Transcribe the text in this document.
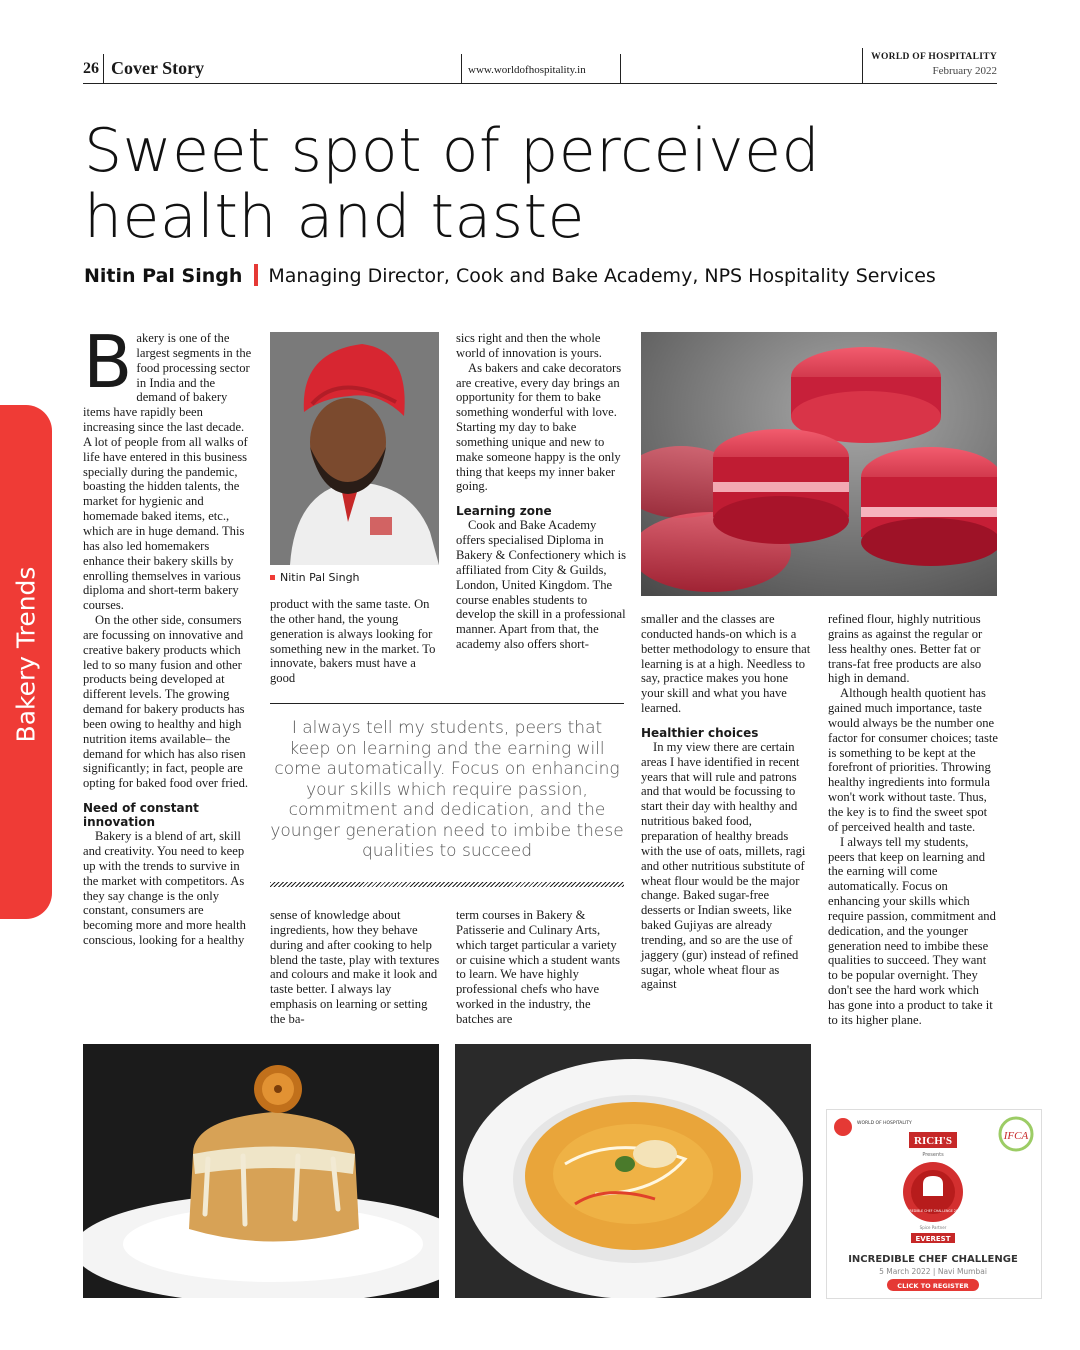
26 Cover Story	www.worldofhospitality.in
WORLD OF HOSPITALITY
February 2022
Sweet spot of perceived
health and taste
Nitin Pal Singh Managing Director, Cook and Bake Academy, NPS Hospitality Services
Bakery Trends

Bakery is one of the largest segments in the food processing sector in India and the demand of bakery items have rapidly been increasing since the last decade. A lot of people from all walks of life have entered in this business specially during the pandemic, boasting the hidden talents, the market for hygienic and homemade baked items, etc., which are in huge demand. This has also led homemakers enhance their bakery skills by enrolling themselves in various diploma and short-term bakery courses.

On the other side, consumers are focussing on innovative and creative bakery products which led to so many fusion and other products being developed at different levels. The growing demand for bakery products has been owing to healthy and high nutrition items available– the demand for which has also risen significantly; in fact, people are opting for baked food over fried.

Need of constant innovation

Bakery is a blend of art, skill and creativity. You need to keep up with the trends to survive in the market with competitors. As they say change is the only constant, consumers are becoming more and more health conscious, looking for a healthy

Nitin Pal Singh

product with the same taste. On the other hand, the young generation is always looking for something new in the market. To innovate, bakers must have a good

sense of knowledge about ingredients, how they behave during and after cooking to help blend the taste, play with textures and colours and make it look and taste better. I always lay emphasis on learning or setting the ba-

sics right and then the whole world of innovation is yours.

As bakers and cake decorators are creative, every day brings an opportunity for them to bake something wonderful with love. Starting my day to bake something unique and new to make someone happy is the only thing that keeps my inner baker going.

Learning zone

Cook and Bake Academy offers specialised Diploma in Bakery & Confectionery which is affiliated from City & Guilds, London, United Kingdom. The course enables students to develop the skill in a professional manner. Apart from that, the academy also offers short-

term courses in Bakery & Patisserie and Culinary Arts, which target particular a variety or cuisine which a student wants to learn. We have highly professional chefs who have worked in the industry, the batches are

I always tell my students, peers that keep on learning and the earning will come automatically. Focus on enhancing your skills which require passion, commitment and dedication, and the younger generation need to imbibe these qualities to succeed

smaller and the classes are conducted hands-on which is a better methodology to ensure that learning is at a high. Needless to say, practice makes you hone your skill and what you have learned.

Healthier choices

In my view there are certain areas I have identified in recent years that will rule and patrons and that would be focussing to start their day with healthy and nutritious baked food, preparation of healthy breads with the use of oats, millets, ragi and other nutritious substitute of wheat flour would be the major change. Baked sugar-free desserts or Indian sweets, like baked Gujiyas are already trending, and so are the use of jaggery (gur) instead of refined sugar, whole wheat flour as against

refined flour, highly nutritious grains as against the regular or less healthy ones. Better fat or trans-fat free products are also high in demand.

Although health quotient has gained much importance, taste would always be the number one factor for consumer choices; taste is something to be kept at the forefront of priorities. Throwing healthy ingredients into formula won't work without taste. Thus, the key is to find the sweet spot of perceived health and taste.

I always tell my students, peers that keep on learning and the earning will come automatically. Focus on enhancing your skills which require passion, commitment and dedication, and the younger generation need to imbibe these qualities to succeed. They want to be popular overnight. They don't see the hard work which has gone into a product to take it to its higher plane.

WORLD OF HOSPITALITY
RICH'S
Presents
IFCA
INCREDIBLE CHEF CHALLENGE 2022
Spice Partner
EVEREST
INCREDIBLE CHEF CHALLENGE
5 March 2022 | Navi Mumbai
CLICK TO REGISTER
